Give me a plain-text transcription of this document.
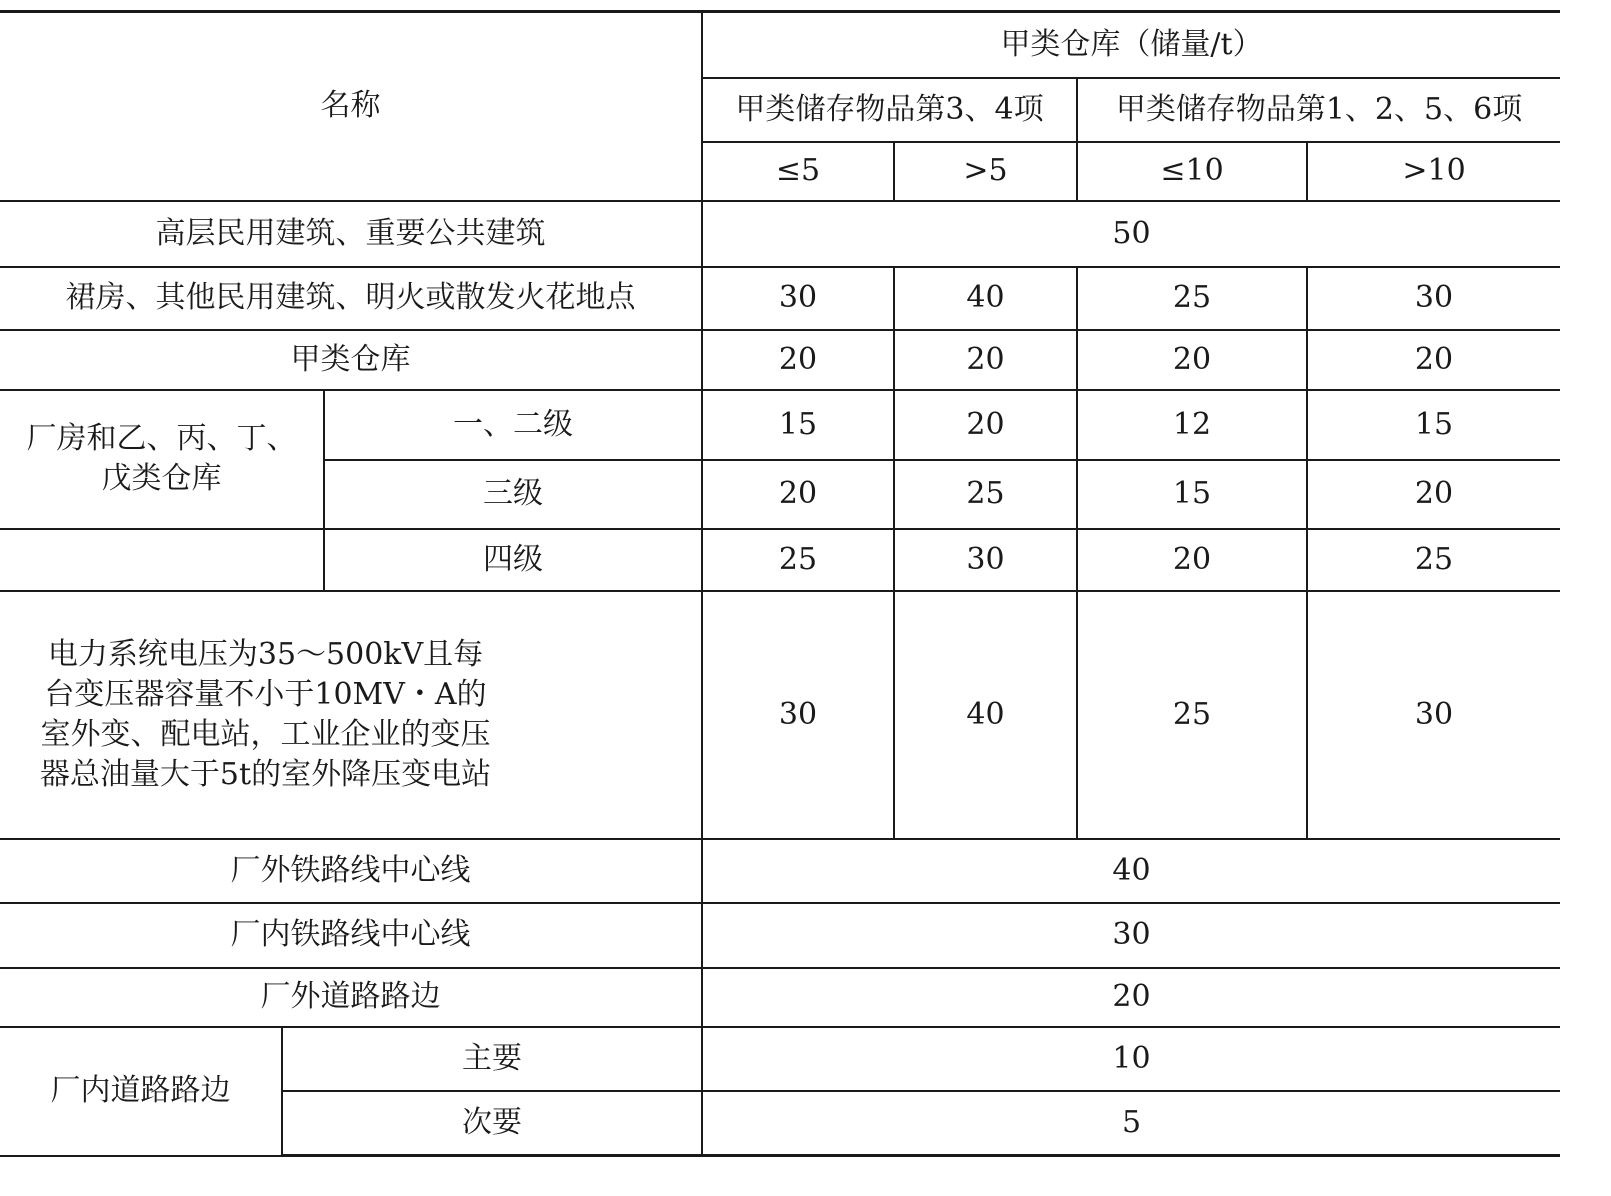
名称			甲类仓库（储量/t）			
			甲类储存物品第3、4项		甲类储存物品第1、2、5、6项	
			≤5	>5	≤10	>10
高层民用建筑、重要公共建筑			50			
裙房、其他民用建筑、明火或散发火花地点			30	40	25	30
甲类仓库			20	20	20	20

厂房和乙、丙、丁、
戊类仓库		一、二级	15	20	12	15
		三级	20	25	15	20
		四级	25	30	20	25

电力系统电压为35～500kV且每
台变压器容量不小于10MV・A的
室外变、配电站，工业企业的变压
器总油量大于5t的室外降压变电站			30	40	25	30
厂外铁路线中心线			40			
厂内铁路线中心线			30			
厂外道路路边			20			
厂内道路路边	主要		10			
	次要		5			
